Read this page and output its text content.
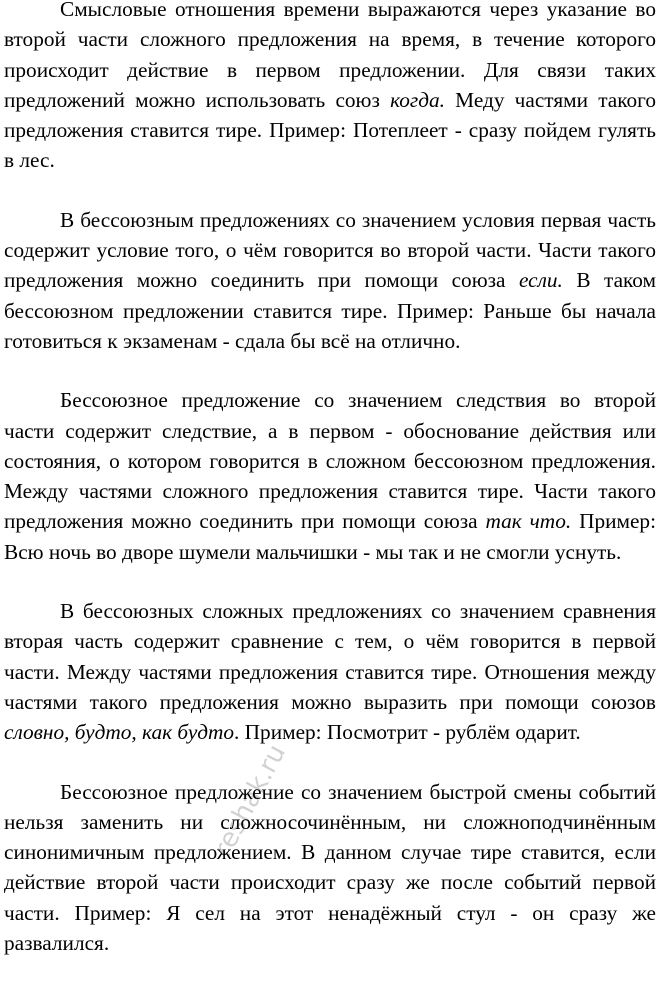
Смысловые отношения времени выражаются через указание во второй части сложного предложения на время, в течение которого происходит действие в первом предложении. Для связи таких предложений можно использовать союз когда. Меду частями такого предложения ставится тире. Пример: Потеплеет - сразу пойдем гулять в лес.

В бессоюзным предложениях со значением условия первая часть содержит условие того, о чём говорится во второй части. Части такого предложения можно соединить при помощи союза если. В таком бессоюзном предложении ставится тире. Пример: Раньше бы начала готовиться к экзаменам - сдала бы всё на отлично.

Бессоюзное предложение со значением следствия во второй части содержит следствие, а в первом - обоснование действия или состояния, о котором говорится в сложном бессоюзном предложения. Между частями сложного предложения ставится тире. Части такого предложения можно соединить при помощи союза так что. Пример: Всю ночь во дворе шумели мальчишки - мы так и не смогли уснуть.

В бессоюзных сложных предложениях со значением сравнения вторая часть содержит сравнение с тем, о чём говорится в первой части. Между частями предложения ставится тире. Отношения между частями такого предложения можно выразить при помощи союзов словно, будто, как будто. Пример: Посмотрит - рублём одарит.

Бессоюзное предложение со значением быстрой смены событий нельзя заменить ни сложносочинённым, ни сложноподчинённым синонимичным предложением. В данном случае тире ставится, если действие второй части происходит сразу же после событий первой части. Пример: Я сел на этот ненадёжный стул - он сразу же развалился.

reshak.ru
